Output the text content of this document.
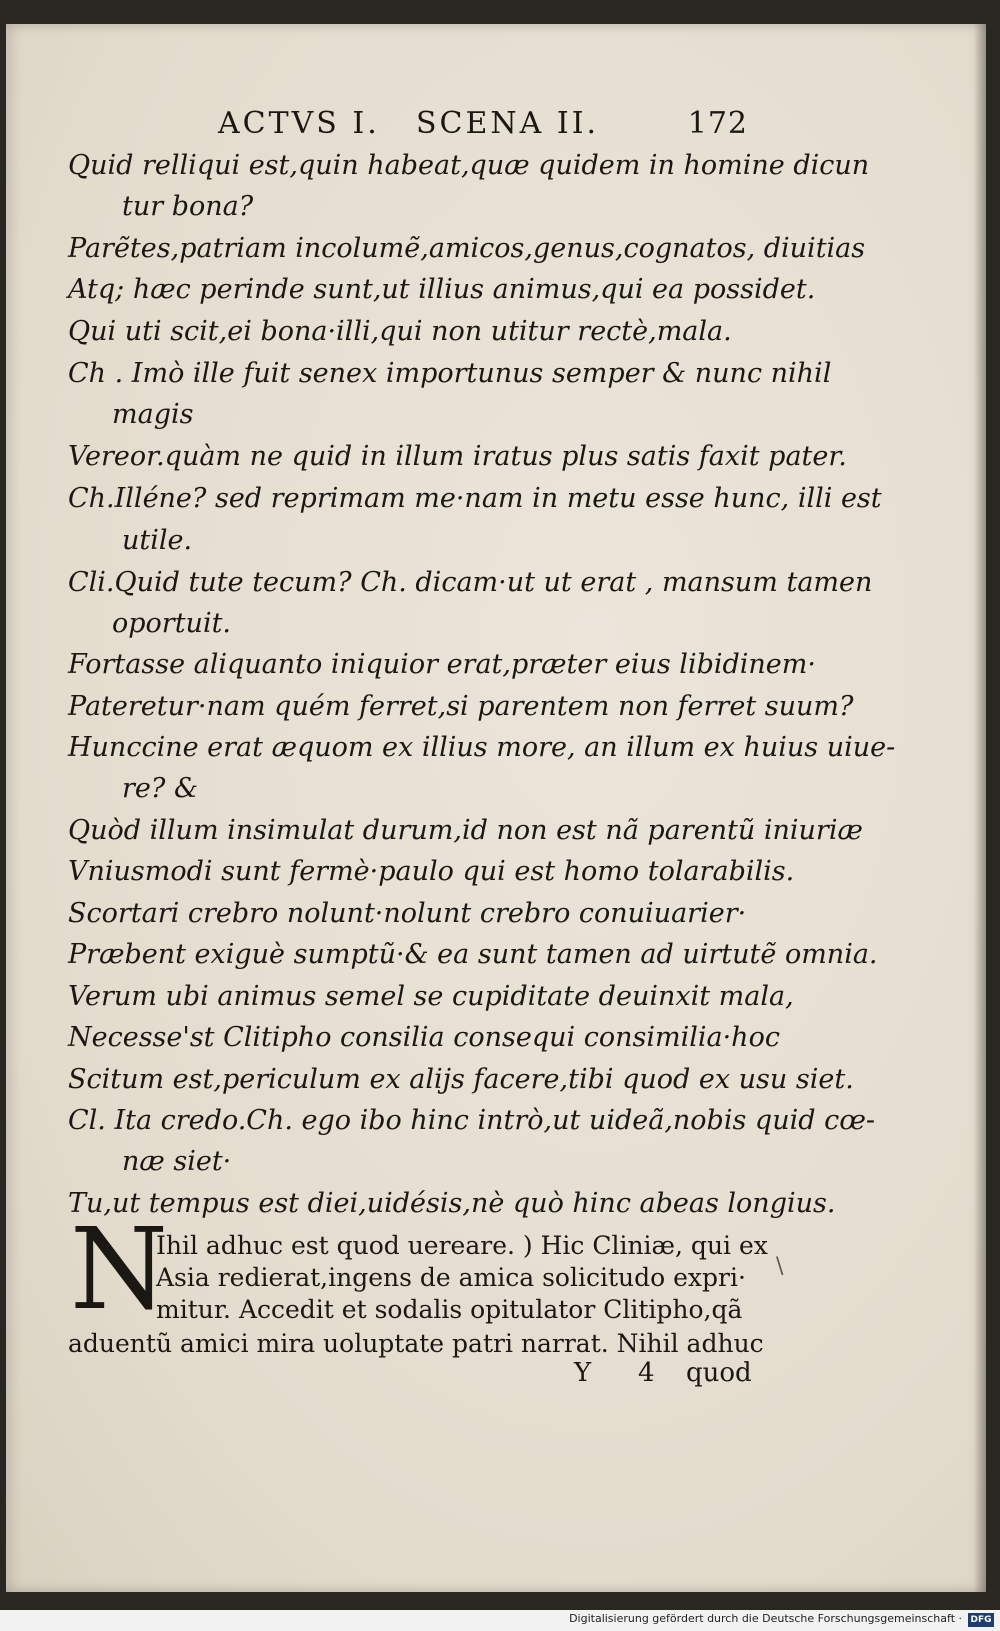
ACTVS I. SCENA II.	172
Quid relliqui est,quin habeat,quæ quidem in homine dicun
tur bona?
Parẽtes,patriam incolumẽ,amicos,genus,cognatos, diuitias
Atq; hæc perinde sunt,ut illius animus,qui ea possidet.
Qui uti scit,ei bona·illi,qui non utitur rectè,mala.
Ch . Imò ille fuit senex importunus semper & nunc nihil
magis
Vereor.quàm ne quid in illum iratus plus satis faxit pater.
Ch.Illéne? sed reprimam me·nam in metu esse hunc, illi est
utile.
Cli.Quid tute tecum? Ch. dicam·ut ut erat , mansum tamen
oportuit.
Fortasse aliquanto iniquior erat,præter eius libidinem·
Pateretur·nam quém ferret,si parentem non ferret suum?
Hunccine erat æquom ex illius more, an illum ex huius uiue-
re? &
Quòd illum insimulat durum,id non est nã parentũ iniuriæ
Vniusmodi sunt fermè·paulo qui est homo tolarabilis.
Scortari crebro nolunt·nolunt crebro conuiuarier·
Præbent exiguè sumptũ·& ea sunt tamen ad uirtutẽ omnia.
Verum ubi animus semel se cupiditate deuinxit mala,
Necesse'st Clitipho consilia consequi consimilia·hoc
Scitum est,periculum ex alijs facere,tibi quod ex usu siet.
Cl. Ita credo.Ch. ego ibo hinc intrò,ut uideã,nobis quid cœ-
næ siet·
Tu,ut tempus est diei,uidésis,nè quò hinc abeas longius.
N
Ihil adhuc est quod uereare. ) Hic Cliniæ, qui ex
Asia redierat,ingens de amica solicitudo expri·
mitur. Accedit et sodalis opitulator Clitipho,qã
aduentũ amici mira uoluptate patri narrat. Nihil adhuc
\
Y 4 quod
Digitalisierung gefördert durch die Deutsche Forschungsgemeinschaft · DFG
